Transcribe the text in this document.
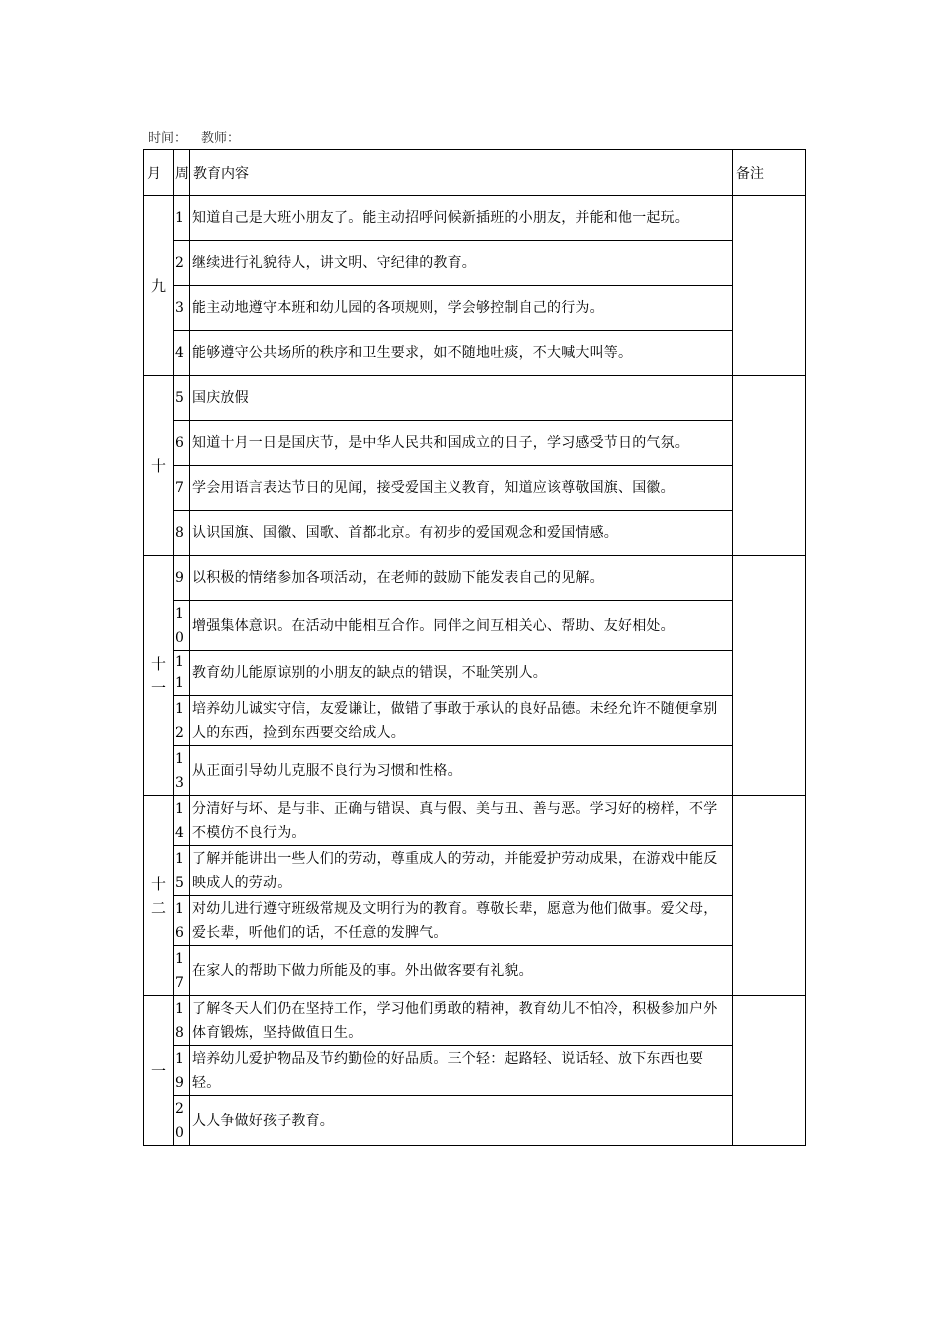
时间： 教师：
月	周	教育内容	备注
九	1	知道自己是大班小朋友了。能主动招呼问候新插班的小朋友，并能和他一起玩。	
	2	继续进行礼貌待人，讲文明、守纪律的教育。	
	3	能主动地遵守本班和幼儿园的各项规则，学会够控制自己的行为。	
	4	能够遵守公共场所的秩序和卫生要求，如不随地吐痰，不大喊大叫等。	
十	5	国庆放假	
	6	知道十月一日是国庆节，是中华人民共和国成立的日子，学习感受节日的气氛。	
	7	学会用语言表达节日的见闻，接受爱国主义教育，知道应该尊敬国旗、国徽。	
	8	认识国旗、国徽、国歌、首都北京。有初步的爱国观念和爱国情感。	

十一	9	以积极的情绪参加各项活动，在老师的鼓励下能发表自己的见解。	

	10	增强集体意识。在活动中能相互合作。同伴之间互相关心、帮助、友好相处。	
	11	教育幼儿能原谅别的小朋友的缺点的错误，不耻笑别人。	

	12	培养幼儿诚实守信，友爱谦让，做错了事敢于承认的良好品德。未经允许不随便拿别人的东西，捡到东西要交给成人。	

	13	从正面引导幼儿克服不良行为习惯和性格。	

十二	14	分清好与坏、是与非、正确与错误、真与假、美与丑、善与恶。学习好的榜样，不学不模仿不良行为。	

	15	了解并能讲出一些人们的劳动，尊重成人的劳动，并能爱护劳动成果，在游戏中能反映成人的劳动。	

	16	对幼儿进行遵守班级常规及文明行为的教育。尊敬长辈，愿意为他们做事。爱父母，爱长辈，听他们的话，不任意的发脾气。	

	17	在家人的帮助下做力所能及的事。外出做客要有礼貌。	
一	18	了解冬天人们仍在坚持工作，学习他们勇敢的精神，教育幼儿不怕冷，积极参加户外体育锻炼，坚持做值日生。	

	19	培养幼儿爱护物品及节约勤俭的好品质。三个轻：起路轻、说话轻、放下东西也要轻。	

	20	人人争做好孩子教育。	
